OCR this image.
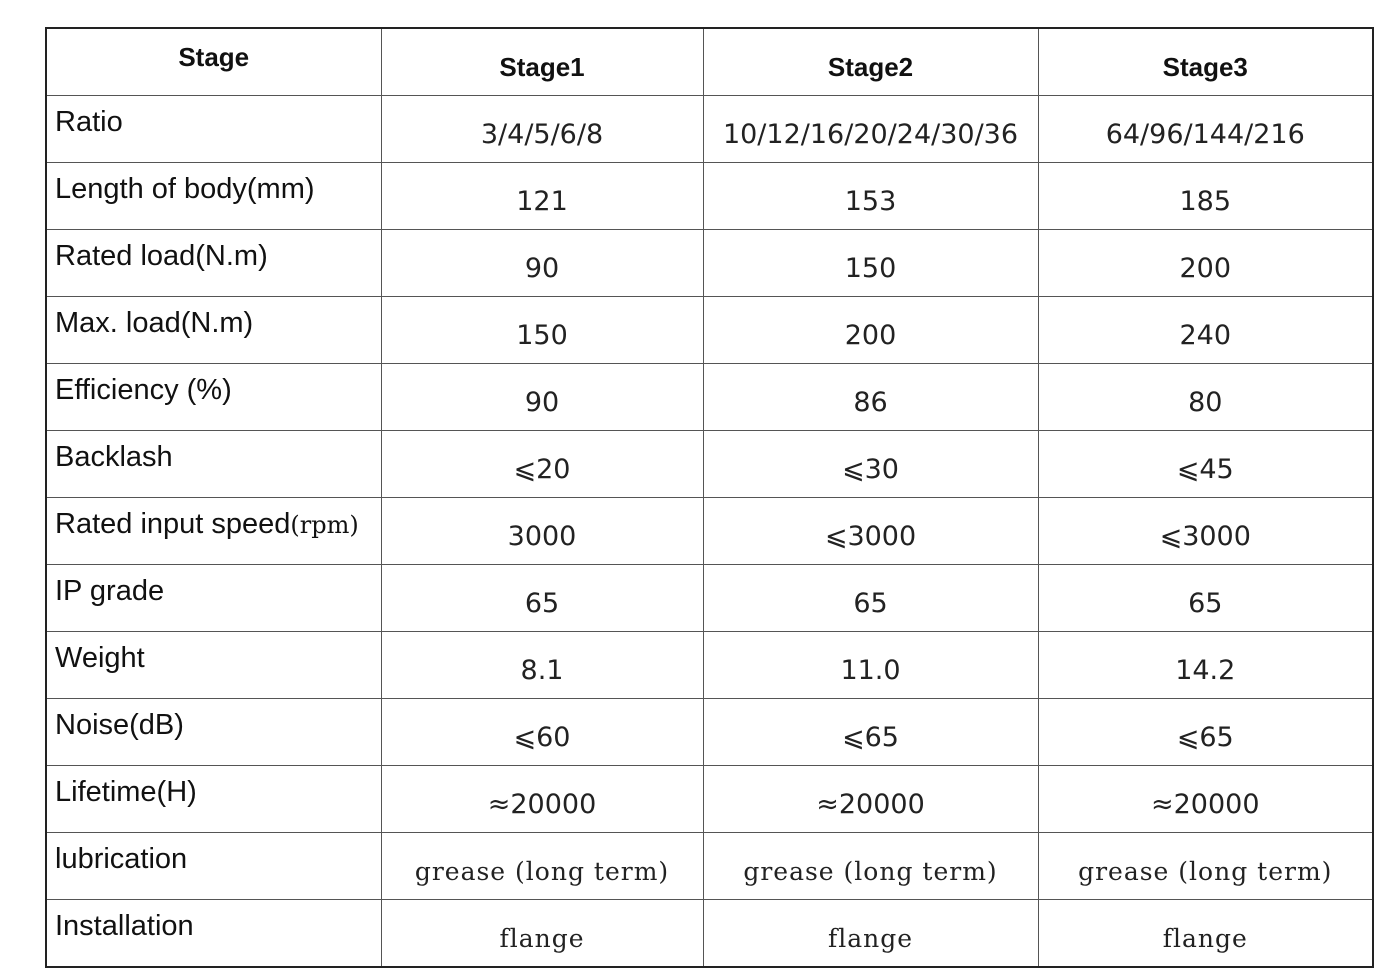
Stage	Stage1	Stage2	Stage3
Ratio	3/4/5/6/8	10/12/16/20/24/30/36	64/96/144/216
Length of body(mm)	121	153	185
Rated load(N.m)	90	150	200
Max. load(N.m)	150	200	240
Efficiency (%)	90	86	80
Backlash	⩽20	⩽30	⩽45
Rated input speed(rpm)	3000	⩽3000	⩽3000
IP grade	65	65	65
Weight	8.1	11.0	14.2
Noise(dB)	⩽60	⩽65	⩽65
Lifetime(H)	≈20000	≈20000	≈20000
lubrication	grease (long term)	grease (long term)	grease (long term)
Installation	flange	flange	flange
